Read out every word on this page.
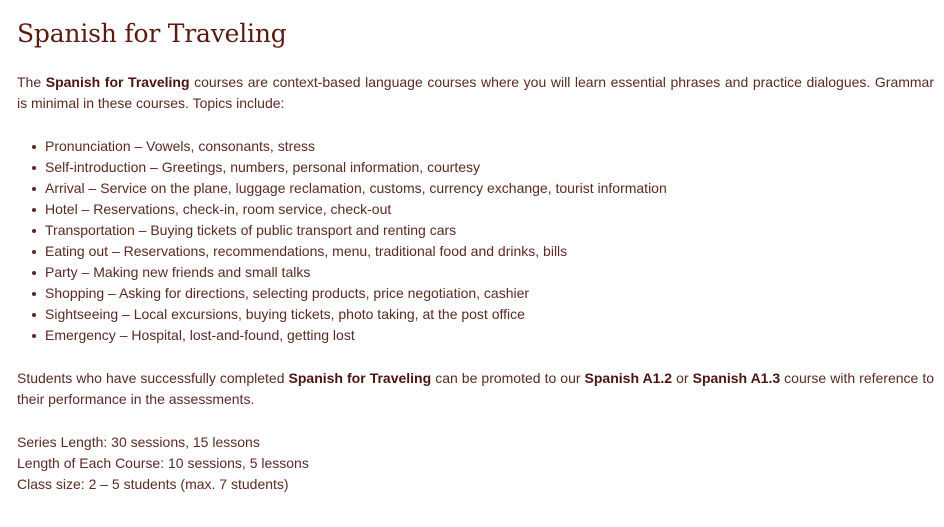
Spanish for Traveling

The Spanish for Traveling courses are context-based language courses where you will learn essential phrases and practice dialogues. Grammar is minimal in these courses. Topics include:

Pronunciation – Vowels, consonants, stress
Self-introduction – Greetings, numbers, personal information, courtesy
Arrival – Service on the plane, luggage reclamation, customs, currency exchange, tourist information
Hotel – Reservations, check-in, room service, check-out
Transportation – Buying tickets of public transport and renting cars
Eating out – Reservations, recommendations, menu, traditional food and drinks, bills
Party – Making new friends and small talks
Shopping – Asking for directions, selecting products, price negotiation, cashier
Sightseeing – Local excursions, buying tickets, photo taking, at the post office
Emergency – Hospital, lost-and-found, getting lost

Students who have successfully completed Spanish for Traveling can be promoted to our Spanish A1.2 or Spanish A1.3 course with reference to their performance in the assessments.

Series Length: 30 sessions, 15 lessons
Length of Each Course: 10 sessions, 5 lessons
Class size: 2 – 5 students (max. 7 students)
